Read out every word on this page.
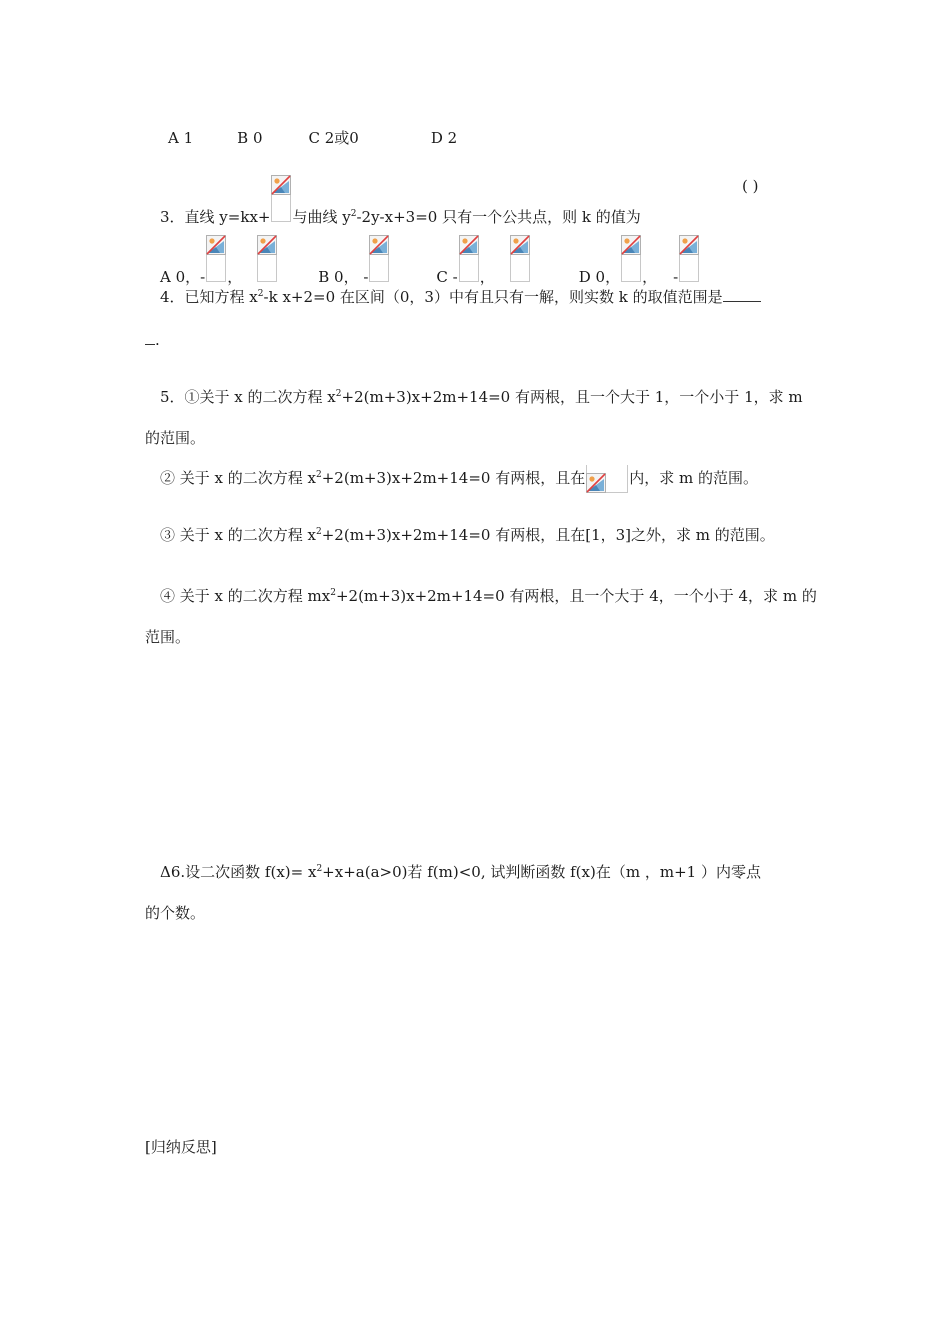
A 1	B 0	C 2或0	D 2
3．直线 y=kx+ 与曲线 $y^2-2y-x+3=0$ 只有一个公共点，则 k 的值为
( )
A 0，- ，	B 0， -	C - ，	D 0， ， -
4．已知方程 $x^2-k$ x+2=0 在区间（0，3）中有且只有一解，则实数 k 的取值范围是
.
5．①关于 x 的二次方程 $x^2+2(m+3)x+2m+14=0$ 有两根，且一个大于 1，一个小于 1，求 m
的范围。
② 关于 x 的二次方程 $x^2+2(m+3)x+2m+14=0$ 有两根，且在	内，求 m 的范围。
③ 关于 x 的二次方程 $x^2+2(m+3)x+2m+14=0$ 有两根，且在[1，3]之外，求 m 的范围。
④ 关于 x 的二次方程 $mx^2+2(m+3)x+2m+14=0$ 有两根，且一个大于 4，一个小于 4，求 m 的
范围。
Δ6.设二次函数 $f(x)= x^2+x+a(a>0)$若 f(m)<0, 试判断函数 f(x)在（m ，m+1 ）内零点
的个数。
[归纳反思]
